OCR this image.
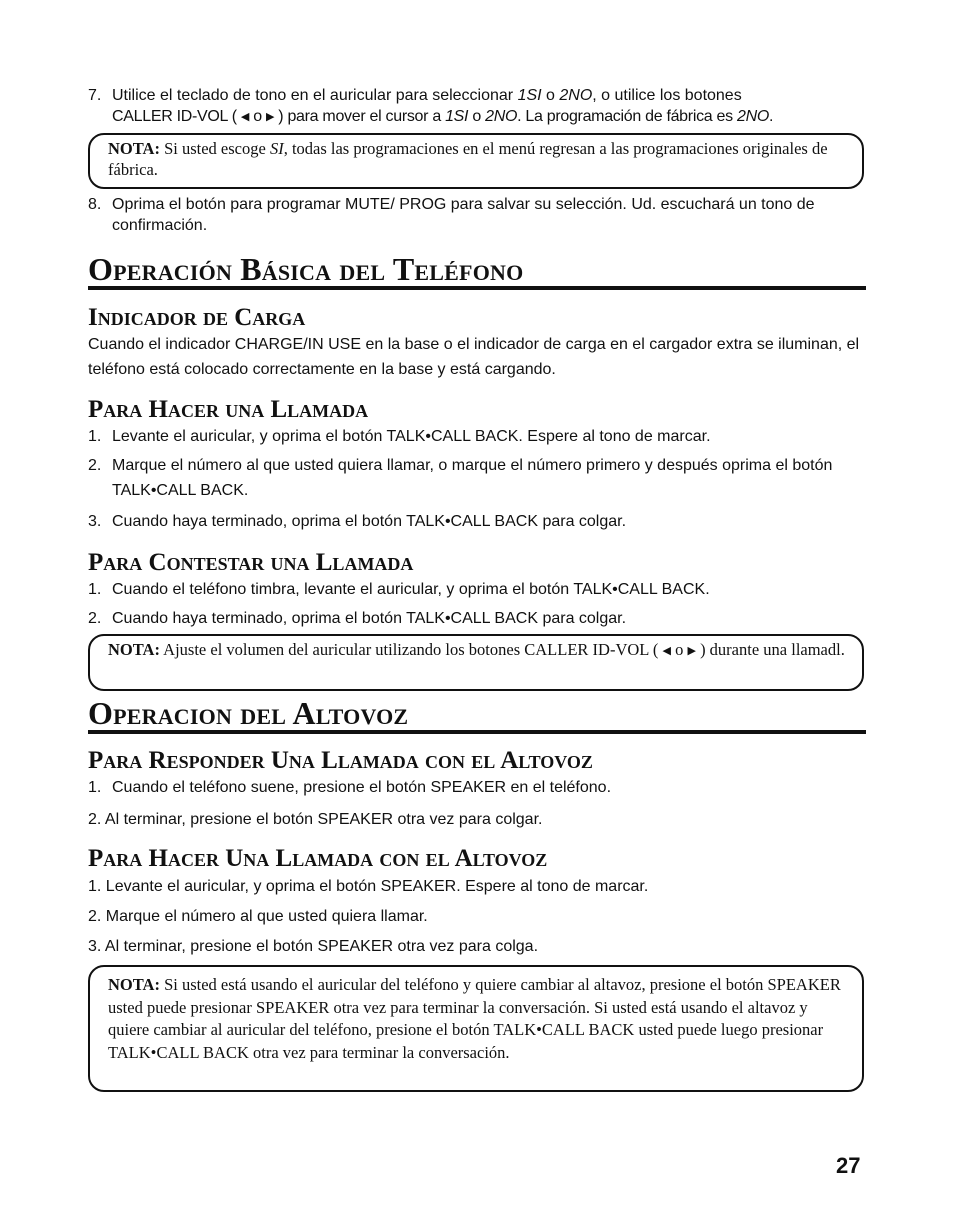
7. Utilice el teclado de tono en el auricular para seleccionar 1SI o 2NO, o utilice los botones
CALLER ID-VOL ( ◀ o ▶ ) para mover el cursor a 1SI o 2NO. La programación de fábrica es 2NO.
NOTA: Si usted escoge SI, todas las programaciones en el menú regresan a las programaciones originales de fábrica.
8. Oprima el botón para programar MUTE/ PROG para salvar su selección. Ud. escuchará un tono de confirmación.
Operación Básica del Teléfono
Indicador de Carga
Cuando el indicador CHARGE/IN USE en la base o el indicador de carga en el cargador extra se iluminan, el teléfono está colocado correctamente en la base y está cargando.
Para Hacer una Llamada
1. Levante el auricular, y oprima el botón TALK•CALL BACK. Espere al tono de marcar.
2. Marque el número al que usted quiera llamar, o marque el número primero y después oprima el botón TALK•CALL BACK.
3. Cuando haya terminado, oprima el botón TALK•CALL BACK para colgar.
Para Contestar una Llamada
1. Cuando el teléfono timbra, levante el auricular, y oprima el botón TALK•CALL BACK.
2. Cuando haya terminado, oprima el botón TALK•CALL BACK para colgar.
NOTA: Ajuste el volumen del auricular utilizando los botones CALLER ID-VOL ( ◀ o ▶ ) durante una llamadl.
Operacion del Altovoz
Para Responder Una Llamada con el Altovoz
1. Cuando el teléfono suene, presione el botón SPEAKER en el teléfono.
2. Al terminar, presione el botón SPEAKER otra vez para colgar.
Para Hacer Una Llamada con el Altovoz
1. Levante el auricular, y oprima el botón SPEAKER. Espere al tono de marcar.
2. Marque el número al que usted quiera llamar.
3. Al terminar, presione el botón SPEAKER otra vez para colga.
NOTA: Si usted está usando el auricular del teléfono y quiere cambiar al altavoz, presione el botón SPEAKER usted puede presionar SPEAKER otra vez para terminar la conversación. Si usted está usando el altavoz y quiere cambiar al auricular del teléfono, presione el botón TALK•CALL BACK usted puede luego presionar TALK•CALL BACK otra vez para terminar la conversación.
27
